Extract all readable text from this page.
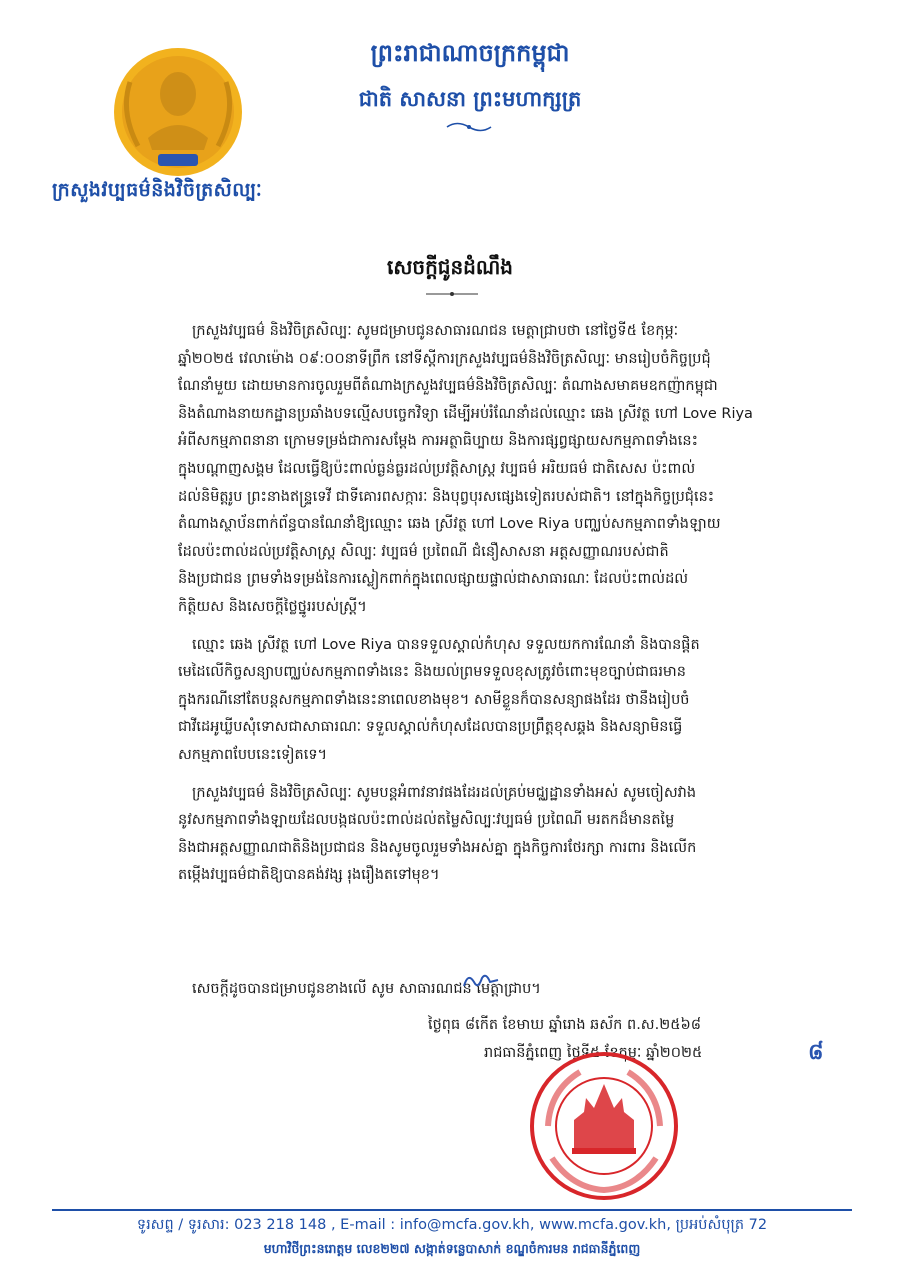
ក្រសួងវប្បធម៌និងវិចិត្រសិល្បៈ
ព្រះរាជាណាចក្រកម្ពុជា
ជាតិ សាសនា ព្រះមហាក្សត្រ
សេចក្ដីជូនដំណឹង
ក្រសួងវប្បធម៌ និងវិចិត្រសិល្បៈ សូមជម្រាបជូនសាធារណជន មេត្តាជ្រាបថា នៅថ្ងៃទី៥ ខែកុម្ភៈ
ឆ្នាំ២០២៥ វេលាម៉ោង ០៩:០០នាទីព្រឹក នៅទីស្ដីការក្រសួងវប្បធម៌និងវិចិត្រសិល្បៈ មានរៀបចំកិច្ចប្រជុំ
ណែនាំមួយ ដោយមានការចូលរួមពីតំណាងក្រសួងវប្បធម៌និងវិចិត្រសិល្បៈ តំណាងសមាគមឧកញ៉ាកម្ពុជា
និងតំណាងនាយកដ្ឋានប្រឆាំងបទល្មើសបច្ចេកវិទ្យា ដើម្បីអប់រំណែនាំដល់ឈ្មោះ ឆេង ស្រីវត្ថ ហៅ Love Riya
អំពីសកម្មភាពនានា ក្រោមទម្រង់ជាការសម្ដែង ការអត្ថាធិប្បាយ និងការផ្សព្វផ្សាយសកម្មភាពទាំងនេះ
ក្នុងបណ្ដាញសង្គម ដែលធ្វើឱ្យប៉ះពាល់ធ្ងន់ធ្ងរដល់ប្រវត្តិសាស្ត្រ វប្បធម៌ អរិយធម៌ ជាតិសេស ប៉ះពាល់
ដល់និមិត្តរូប ព្រះនាងឥន្ទ្រទេវី ជាទីគោរពសក្ការៈ និងបុព្វបុរសផ្សេងទៀតរបស់ជាតិ។ នៅក្នុងកិច្ចប្រជុំនេះ
តំណាងស្ថាប័នពាក់ព័ន្ធបានណែនាំឱ្យឈ្មោះ ឆេង ស្រីវត្ថ ហៅ Love Riya បញ្ឈប់សកម្មភាពទាំងឡាយ
ដែលប៉ះពាល់ដល់ប្រវត្តិសាស្ត្រ សិល្បៈ វប្បធម៌ ប្រពៃណី ជំនឿសាសនា អត្តសញ្ញាណរបស់ជាតិ
និងប្រជាជន ព្រមទាំងទម្រង់នៃការស្លៀកពាក់ក្នុងពេលផ្សាយផ្ទាល់ជាសាធារណៈ ដែលប៉ះពាល់ដល់
កិត្តិយស និងសេចក្ដីថ្លៃថ្នូររបស់ស្ត្រី។
ឈ្មោះ ឆេង ស្រីវត្ថ ហៅ Love Riya បានទទួលស្គាល់កំហុស ទទួលយកការណែនាំ និងបានផ្ដិត
មេដៃលើកិច្ចសន្យាបញ្ឈប់សកម្មភាពទាំងនេះ និងយល់ព្រមទទួលខុសត្រូវចំពោះមុខច្បាប់ជាធរមាន
ក្នុងករណីនៅតែបន្តសកម្មភាពទាំងនេះនាពេលខាងមុខ។ សាមីខ្លួនក៏បានសន្យាផងដែរ ថានឹងរៀបចំ
ជាវីដេអូឃ្លីបសុំទោសជាសាធារណៈ ទទួលស្គាល់កំហុសដែលបានប្រព្រឹត្តខុសឆ្គង និងសន្យាមិនធ្វើ
សកម្មភាពបែបនេះទៀតទេ។
ក្រសួងវប្បធម៌ និងវិចិត្រសិល្បៈ សូមបន្តអំពាវនាវផងដែរដល់គ្រប់មជ្ឈដ្ឋានទាំងអស់ សូមចៀសវាង
នូវសកម្មភាពទាំងឡាយដែលបង្កផលប៉ះពាល់ដល់តម្លៃសិល្បៈវប្បធម៌ ប្រពៃណី មរតកដ៏មានតម្លៃ
និងជាអត្តសញ្ញាណជាតិនិងប្រជាជន និងសូមចូលរួមទាំងអស់គ្នា ក្នុងកិច្ចការថែរក្សា ការពារ និងលើក
តម្កើងវប្បធម៌ជាតិឱ្យបានគង់វង្ស រុងរឿងតទៅមុខ។
សេចក្ដីដូចបានជម្រាបជូនខាងលើ សូម សាធារណជន មេត្តាជ្រាប។
ថ្ងៃពុធ ៨កើត ខែមាឃ ឆ្នាំរោង ឆស័ក ព.ស.២៥៦៨
រាជធានីភ្នំពេញ ថ្ងៃទី៥ ខែកុម្ភៈ ឆ្នាំ២០២៥	៨
ទូរសព្ទ / ទូរសារ: 023 218 148 , E-mail : info@mcfa.gov.kh, www.mcfa.gov.kh, ប្រអប់សំបុត្រ 72
មហាវិថីព្រះនរោត្តម លេខ២២៧ សង្កាត់ទន្លេបាសាក់ ខណ្ឌចំការមន រាជធានីភ្នំពេញ
